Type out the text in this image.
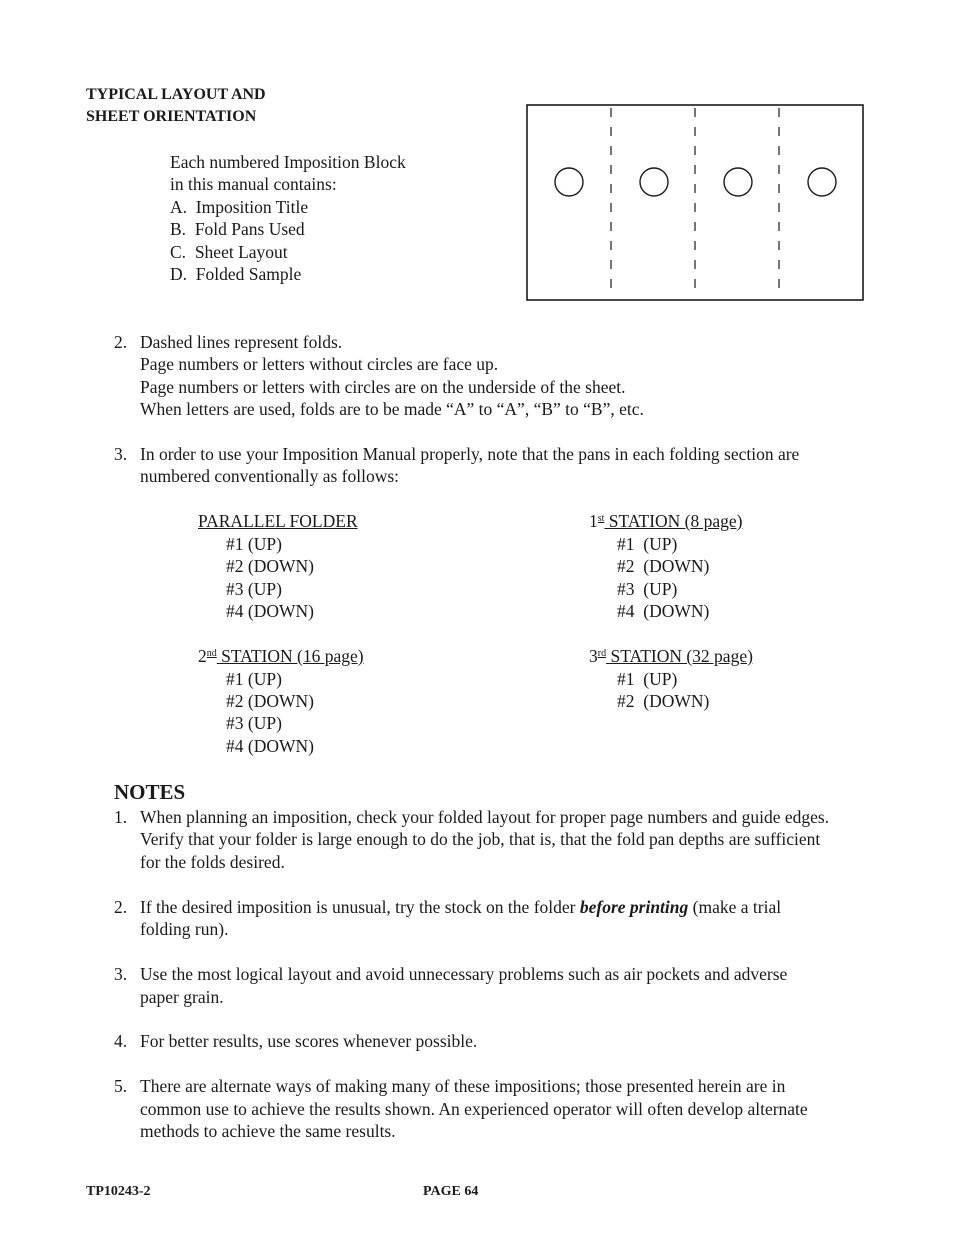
TYPICAL LAYOUT AND
SHEET ORIENTATION
Each numbered Imposition Block
in this manual contains:
A. Imposition Title
B. Fold Pans Used
C. Sheet Layout
D. Folded Sample
2. Dashed lines represent folds.
Page numbers or letters without circles are face up.
Page numbers or letters with circles are on the underside of the sheet.
When letters are used, folds are to be made “A” to “A”, “B” to “B”, etc.
3. In order to use your Imposition Manual properly, note that the pans in each folding section are
numbered conventionally as follows:
PARALLEL FOLDER
#1 (UP)
#2 (DOWN)
#3 (UP)
#4 (DOWN)
1st STATION (8 page)
#1 (UP)
#2 (DOWN)
#3 (UP)
#4 (DOWN)
2nd STATION (16 page)
#1 (UP)
#2 (DOWN)
#3 (UP)
#4 (DOWN)
3rd STATION (32 page)
#1 (UP)
#2 (DOWN)
NOTES
1. When planning an imposition, check your folded layout for proper page numbers and guide edges.
Verify that your folder is large enough to do the job, that is, that the fold pan depths are sufficient
for the folds desired.
2. If the desired imposition is unusual, try the stock on the folder before printing (make a trial
folding run).
3. Use the most logical layout and avoid unnecessary problems such as air pockets and adverse
paper grain.
4. For better results, use scores whenever possible.
5. There are alternate ways of making many of these impositions; those presented herein are in
common use to achieve the results shown. An experienced operator will often develop alternate
methods to achieve the same results.
TP10243-2	PAGE 64
